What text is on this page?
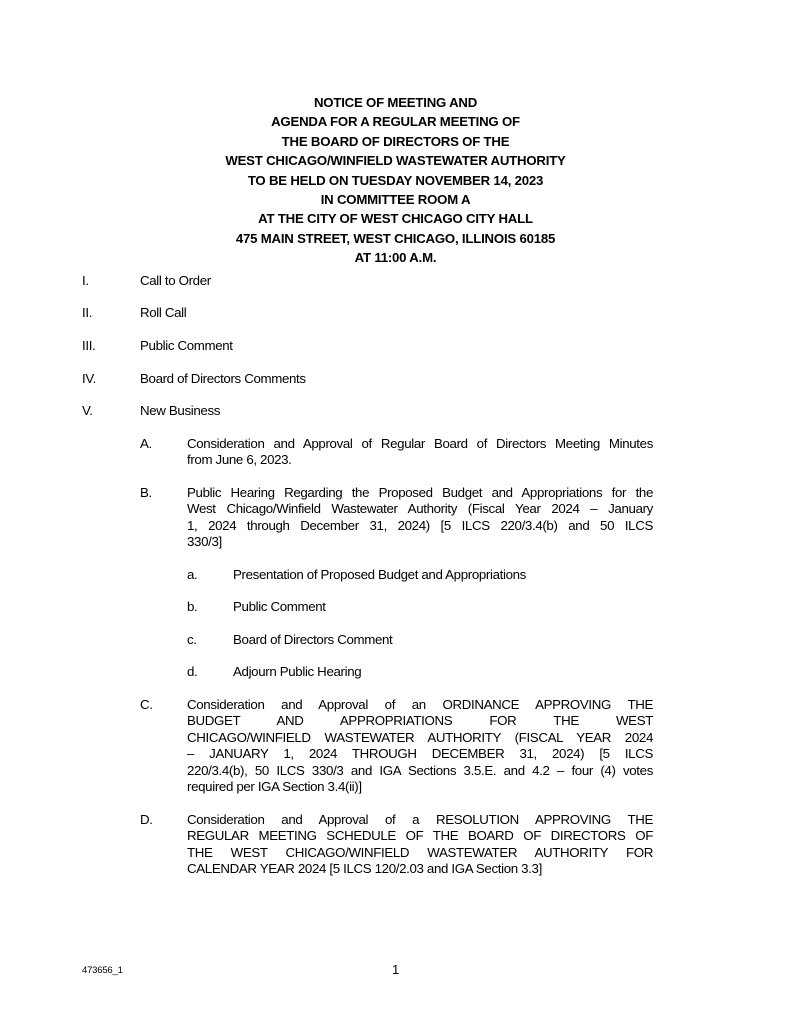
NOTICE OF MEETING AND
AGENDA FOR A REGULAR MEETING OF
THE BOARD OF DIRECTORS OF THE
WEST CHICAGO/WINFIELD WASTEWATER AUTHORITY
TO BE HELD ON TUESDAY NOVEMBER 14, 2023
IN COMMITTEE ROOM A
AT THE CITY OF WEST CHICAGO CITY HALL
475 MAIN STREET, WEST CHICAGO, ILLINOIS 60185
AT 11:00 A.M.
I.	Call to Order
II.	Roll Call
III.	Public Comment
IV.	Board of Directors Comments
V.	New Business
A.	Consideration and Approval of Regular Board of Directors Meeting Minutes
from June 6, 2023.
B.	Public Hearing Regarding the Proposed Budget and Appropriations for the
West Chicago/Winfield Wastewater Authority (Fiscal Year 2024 – January
1, 2024 through December 31, 2024) [5 ILCS 220/3.4(b) and 50 ILCS
330/3]
a.	Presentation of Proposed Budget and Appropriations
b.	Public Comment
c.	Board of Directors Comment
d.	Adjourn Public Hearing
C.	Consideration and Approval of an ORDINANCE APPROVING THE
BUDGET AND APPROPRIATIONS FOR THE WEST
CHICAGO/WINFIELD WASTEWATER AUTHORITY (FISCAL YEAR 2024
– JANUARY 1, 2024 THROUGH DECEMBER 31, 2024) [5 ILCS
220/3.4(b), 50 ILCS 330/3 and IGA Sections 3.5.E. and 4.2 – four (4) votes
required per IGA Section 3.4(ii)]
D.	Consideration and Approval of a RESOLUTION APPROVING THE
REGULAR MEETING SCHEDULE OF THE BOARD OF DIRECTORS OF
THE WEST CHICAGO/WINFIELD WASTEWATER AUTHORITY FOR
CALENDAR YEAR 2024 [5 ILCS 120/2.03 and IGA Section 3.3]
473656_1	1
